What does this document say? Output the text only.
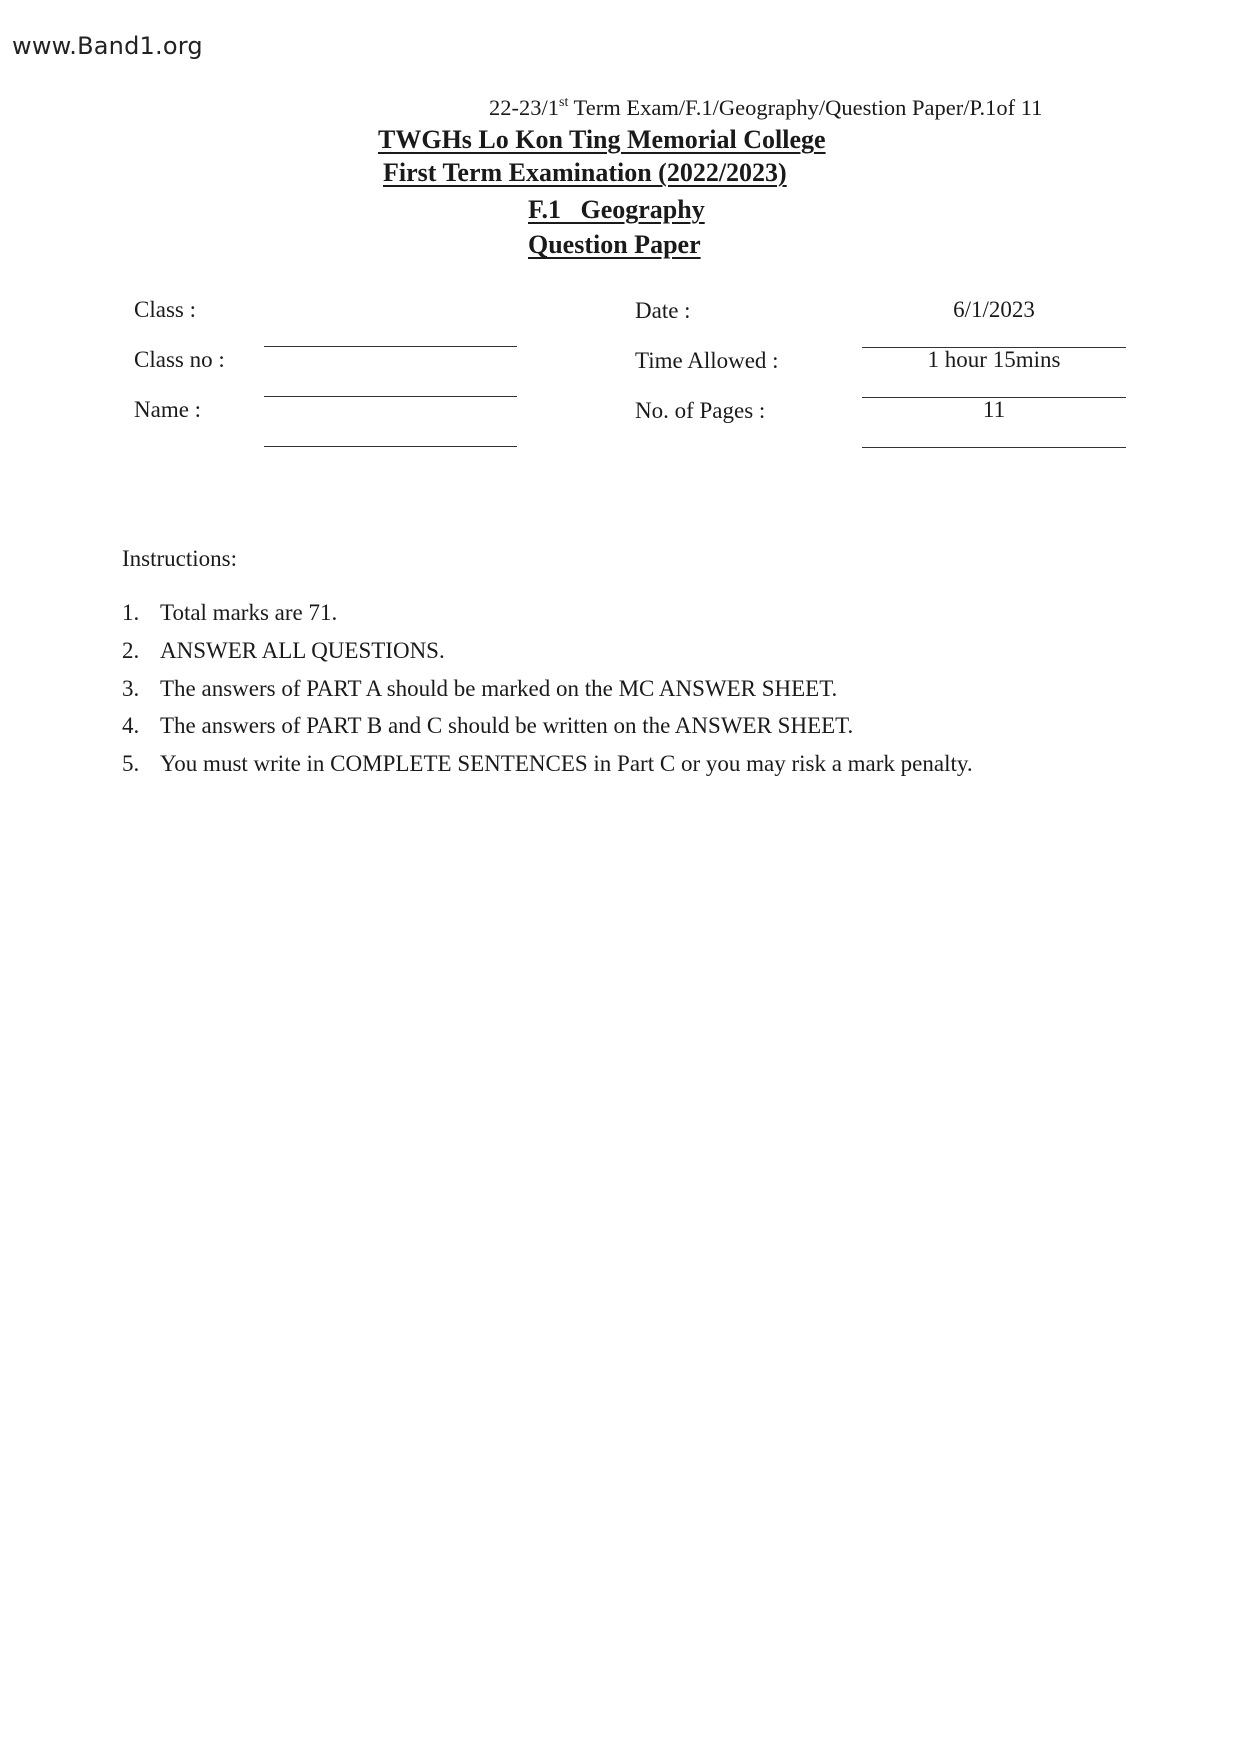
www.Band1.org
22-23/1st Term Exam/F.1/Geography/Question Paper/P.1of 11
TWGHs Lo Kon Ting Memorial College
First Term Examination (2022/2023)
F.1   Geography
Question Paper
Class :
Class no :
Name :
Date :	6/1/2023
Time Allowed :	1 hour 15mins
No. of Pages :	11
Instructions:
1. Total marks are 71.
2. ANSWER ALL QUESTIONS.
3. The answers of PART A should be marked on the MC ANSWER SHEET.
4. The answers of PART B and C should be written on the ANSWER SHEET.
5. You must write in COMPLETE SENTENCES in Part C or you may risk a mark penalty.
